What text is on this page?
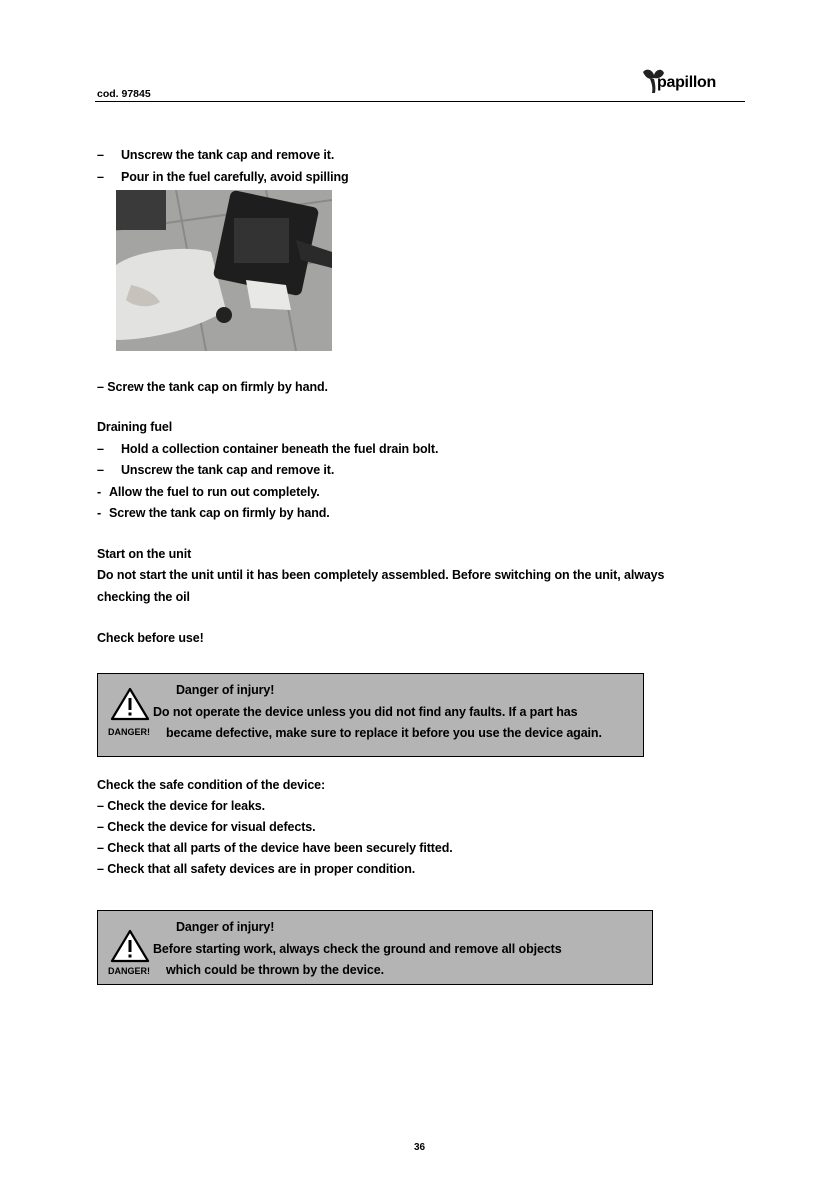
cod. 97845
papillon
– Unscrew the tank cap and remove it.
– Pour in the fuel carefully, avoid spilling
– Screw the tank cap on firmly by hand.
Draining fuel
– Hold a collection container beneath the fuel drain bolt.
– Unscrew the tank cap and remove it.
- Allow the fuel to run out completely.
- Screw the tank cap on firmly by hand.
Start on the unit
Do not start the unit until it has been completely assembled. Before switching on the unit, always
checking the oil
Check before use!
DANGER!
Danger of injury!
Do not operate the device unless you did not find any faults. If a part has
became defective, make sure to replace it before you use the device again.
Check the safe condition of the device:
– Check the device for leaks.
– Check the device for visual defects.
– Check that all parts of the device have been securely fitted.
– Check that all safety devices are in proper condition.
DANGER!
Danger of injury!
Before starting work, always check the ground and remove all objects
which could be thrown by the device.
36
